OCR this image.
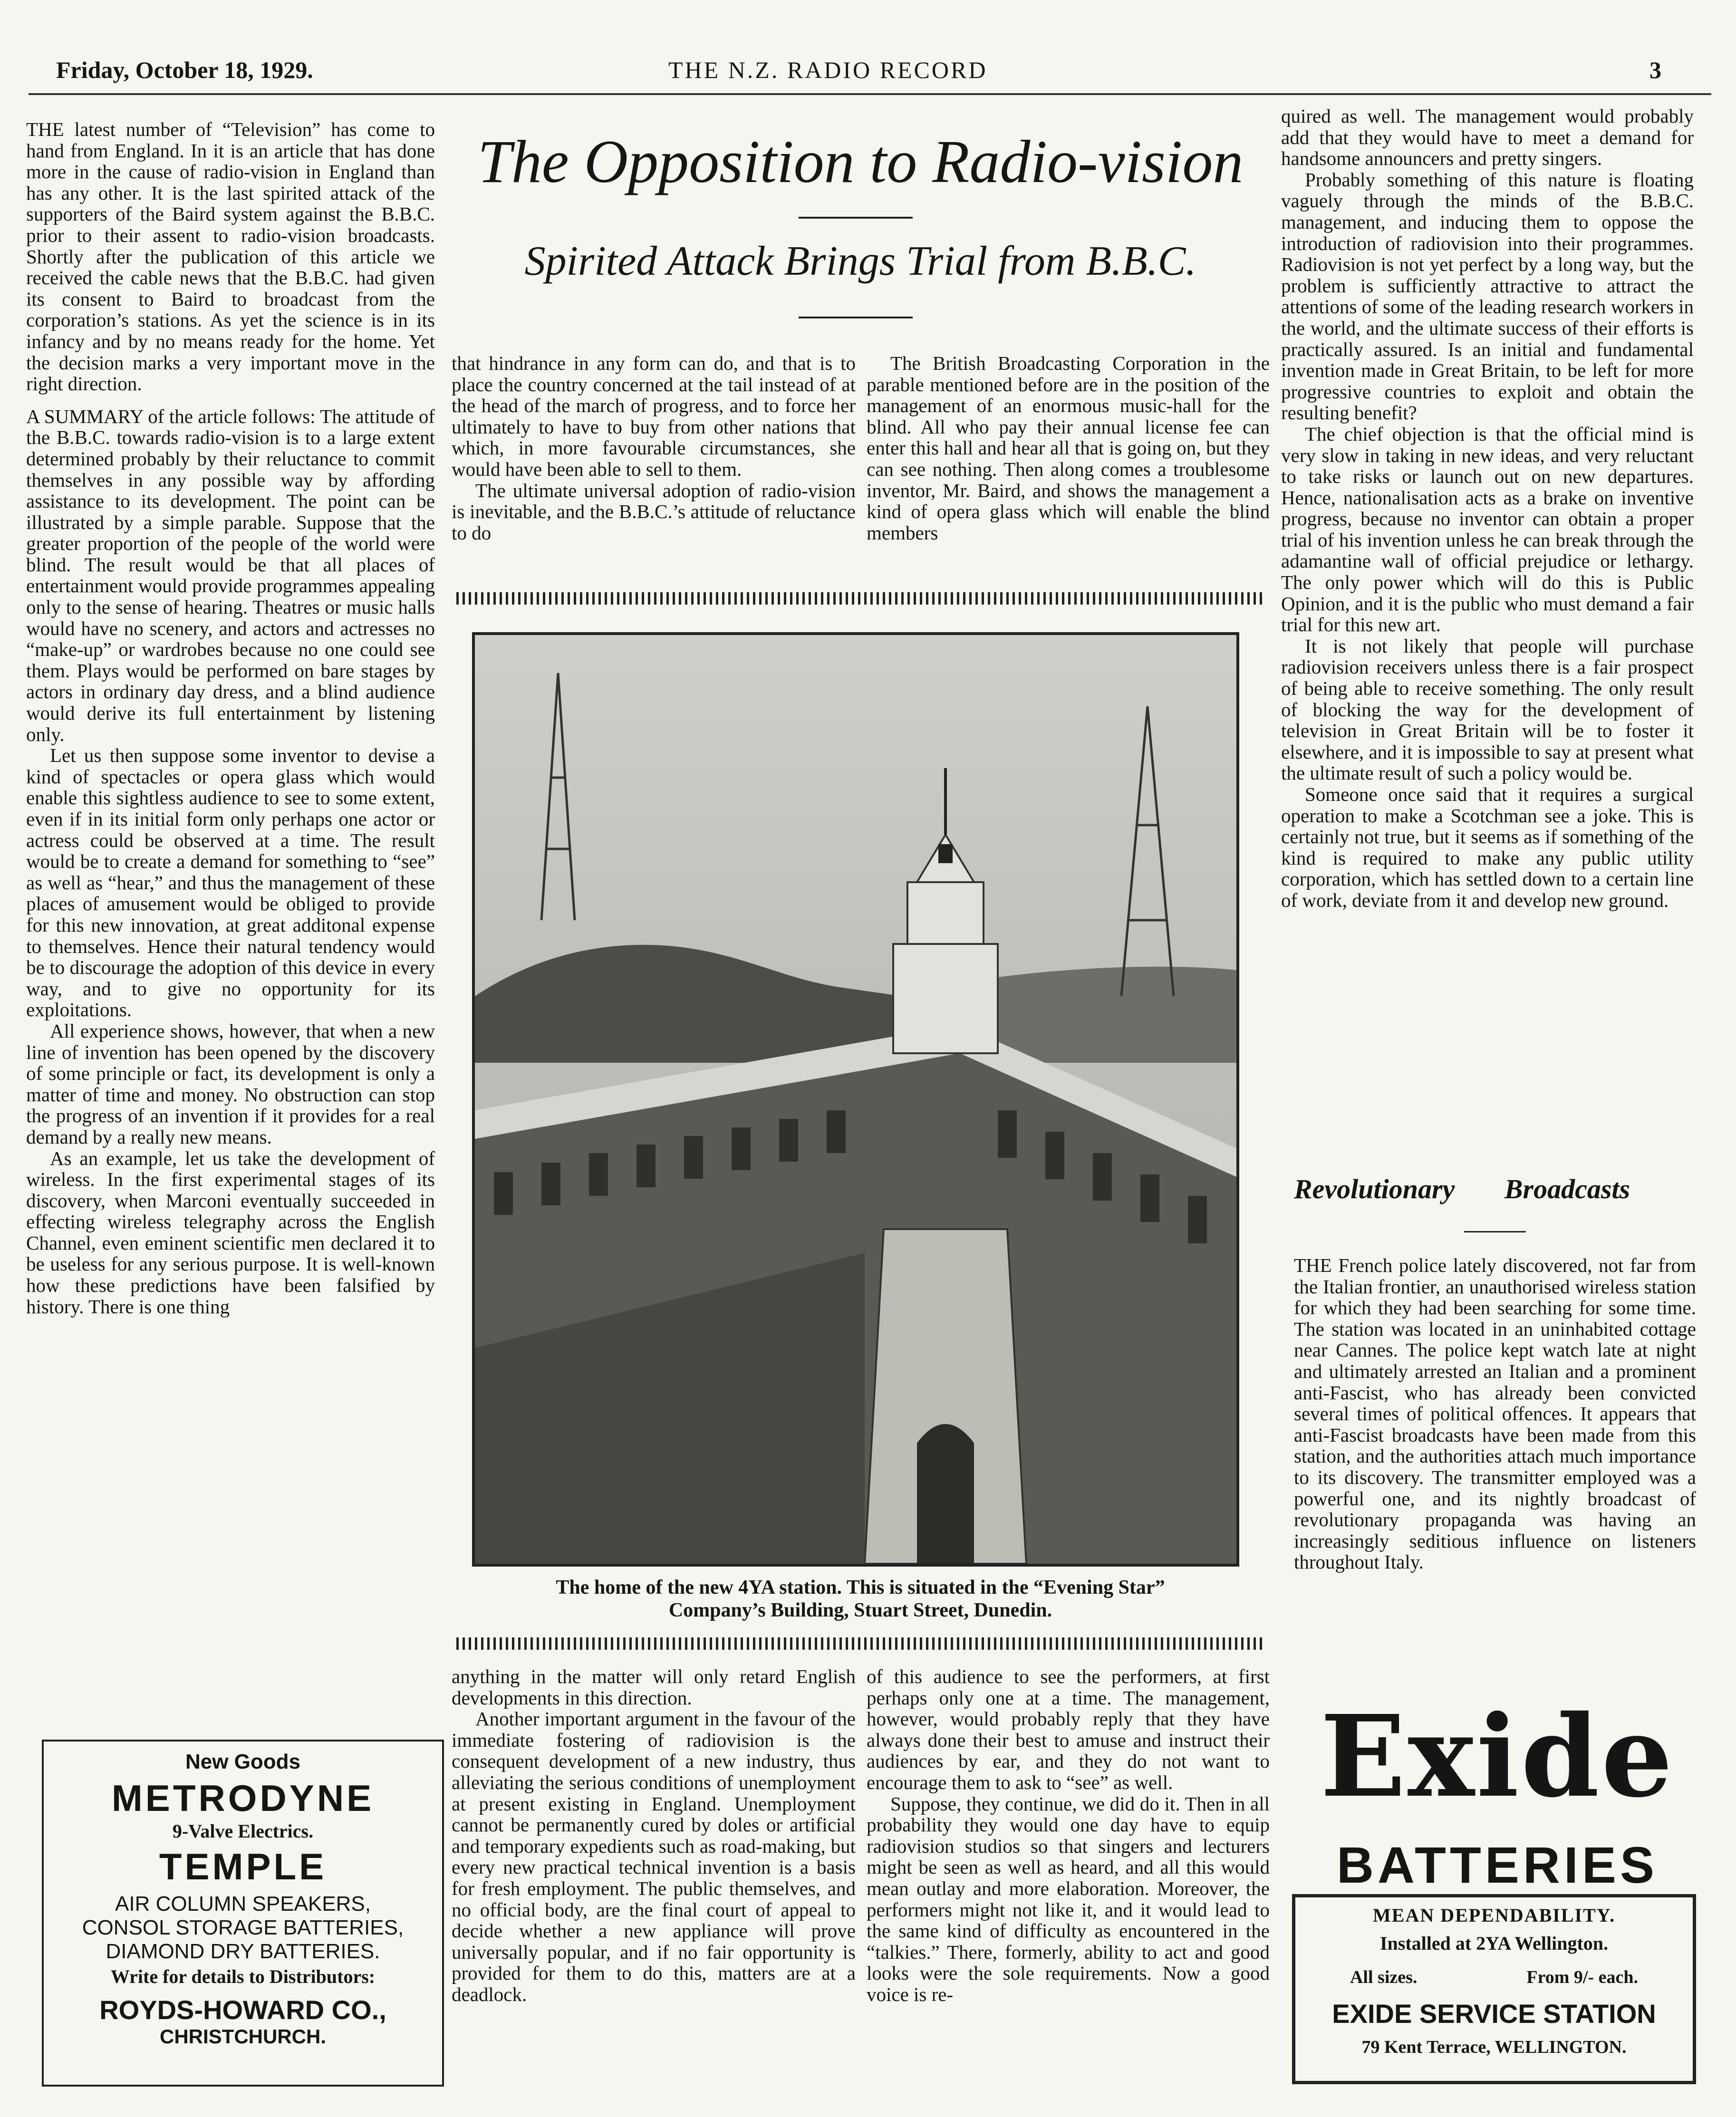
Friday, October 18, 1929.	THE N.Z. RADIO RECORD	3

THE latest number of “Television” has come to hand from England. In it is an article that has done more in the cause of radio-vision in England than has any other. It is the last spirited attack of the supporters of the Baird system against the B.B.C. prior to their assent to radio-vision broadcasts. Shortly after the publication of this article we received the cable news that the B.B.C. had given its consent to Baird to broadcast from the corporation’s stations. As yet the science is in its infancy and by no means ready for the home. Yet the decision marks a very important move in the right direction.

A SUMMARY of the article follows: The attitude of the B.B.C. towards radio-vision is to a large extent determined probably by their reluctance to commit themselves in any possible way by affording assistance to its development. The point can be illustrated by a simple parable. Suppose that the greater proportion of the people of the world were blind. The result would be that all places of entertainment would provide programmes appealing only to the sense of hearing. Theatres or music halls would have no scenery, and actors and actresses no “make-up” or wardrobes because no one could see them. Plays would be performed on bare stages by actors in ordinary day dress, and a blind audience would derive its full entertainment by listening only.

Let us then suppose some inventor to devise a kind of spectacles or opera glass which would enable this sightless audience to see to some extent, even if in its initial form only perhaps one actor or actress could be observed at a time. The result would be to create a demand for something to “see” as well as “hear,” and thus the management of these places of amusement would be obliged to provide for this new innovation, at great additonal expense to themselves. Hence their natural tendency would be to discourage the adoption of this device in every way, and to give no opportunity for its exploitations.

All experience shows, however, that when a new line of invention has been opened by the discovery of some principle or fact, its development is only a matter of time and money. No obstruction can stop the progress of an invention if it provides for a real demand by a really new means.

As an example, let us take the development of wireless. In the first experimental stages of its discovery, when Marconi eventually succeeded in effecting wireless telegraphy across the English Channel, even eminent scientific men declared it to be useless for any serious purpose. It is well-known how these predictions have been falsified by history. There is one thing

The Opposition to Radio-vision
Spirited Attack Brings Trial from B.B.C.

that hindrance in any form can do, and that is to place the country concerned at the tail instead of at the head of the march of progress, and to force her ultimately to have to buy from other nations that which, in more favourable circumstances, she would have been able to sell to them.

The ultimate universal adoption of radio-vision is inevitable, and the B.B.C.’s attitude of reluctance to do

The British Broadcasting Corporation in the parable mentioned before are in the position of the management of an enormous music-hall for the blind. All who pay their annual license fee can enter this hall and hear all that is going on, but they can see nothing. Then along comes a troublesome inventor, Mr. Baird, and shows the management a kind of opera glass which will enable the blind members

The home of the new 4YA station. This is situated in the “Evening Star”
Company’s Building, Stuart Street, Dunedin.

anything in the matter will only retard English developments in this direction.

Another important argument in the favour of the immediate fostering of radiovision is the consequent development of a new industry, thus alleviating the serious conditions of unemployment at present existing in England. Unemployment cannot be permanently cured by doles or artificial and temporary expedients such as road-making, but every new practical technical invention is a basis for fresh employment. The public themselves, and no official body, are the final court of appeal to decide whether a new appliance will prove universally popular, and if no fair opportunity is provided for them to do this, matters are at a deadlock.

of this audience to see the performers, at first perhaps only one at a time. The management, however, would probably reply that they have always done their best to amuse and instruct their audiences by ear, and they do not want to encourage them to ask to “see” as well.

Suppose, they continue, we did do it. Then in all probability they would one day have to equip radiovision studios so that singers and lecturers might be seen as well as heard, and all this would mean outlay and more elaboration. Moreover, the performers might not like it, and it would lead to the same kind of difficulty as encountered in the “talkies.” There, formerly, ability to act and good looks were the sole requirements. Now a good voice is re-

quired as well. The management would probably add that they would have to meet a demand for handsome announcers and pretty singers.

Probably something of this nature is floating vaguely through the minds of the B.B.C. management, and inducing them to oppose the introduction of radiovision into their programmes. Radiovision is not yet perfect by a long way, but the problem is sufficiently attractive to attract the attentions of some of the leading research workers in the world, and the ultimate success of their efforts is practically assured. Is an initial and fundamental invention made in Great Britain, to be left for more progressive countries to exploit and obtain the resulting benefit?

The chief objection is that the official mind is very slow in taking in new ideas, and very reluctant to take risks or launch out on new departures. Hence, nationalisation acts as a brake on inventive progress, because no inventor can obtain a proper trial of his invention unless he can break through the adamantine wall of official prejudice or lethargy. The only power which will do this is Public Opinion, and it is the public who must demand a fair trial for this new art.

It is not likely that people will purchase radiovision receivers unless there is a fair prospect of being able to receive something. The only result of blocking the way for the development of television in Great Britain will be to foster it elsewhere, and it is impossible to say at present what the ultimate result of such a policy would be.

Someone once said that it requires a surgical operation to make a Scotchman see a joke. This is certainly not true, but it seems as if something of the kind is required to make any public utility corporation, which has settled down to a certain line of work, deviate from it and develop new ground.

Revolutionary Broadcasts

THE French police lately discovered, not far from the Italian frontier, an unauthorised wireless station for which they had been searching for some time. The station was located in an uninhabited cottage near Cannes. The police kept watch late at night and ultimately arrested an Italian and a prominent anti-Fascist, who has already been convicted several times of political offences. It appears that anti-Fascist broadcasts have been made from this station, and the authorities attach much importance to its discovery. The transmitter employed was a powerful one, and its nightly broadcast of revolutionary propaganda was having an increasingly seditious influence on listeners throughout Italy.

New Goods
METRODYNE
9-Valve Electrics.
TEMPLE
AIR COLUMN SPEAKERS,
CONSOL STORAGE BATTERIES,
DIAMOND DRY BATTERIES.
Write for details to Distributors:
ROYDS-HOWARD CO.,
CHRISTCHURCH.
Exide
BATTERIES
MEAN DEPENDABILITY.
Installed at 2YA Wellington.
All sizes.	From 9/- each.
EXIDE SERVICE STATION
79 Kent Terrace, WELLINGTON.
